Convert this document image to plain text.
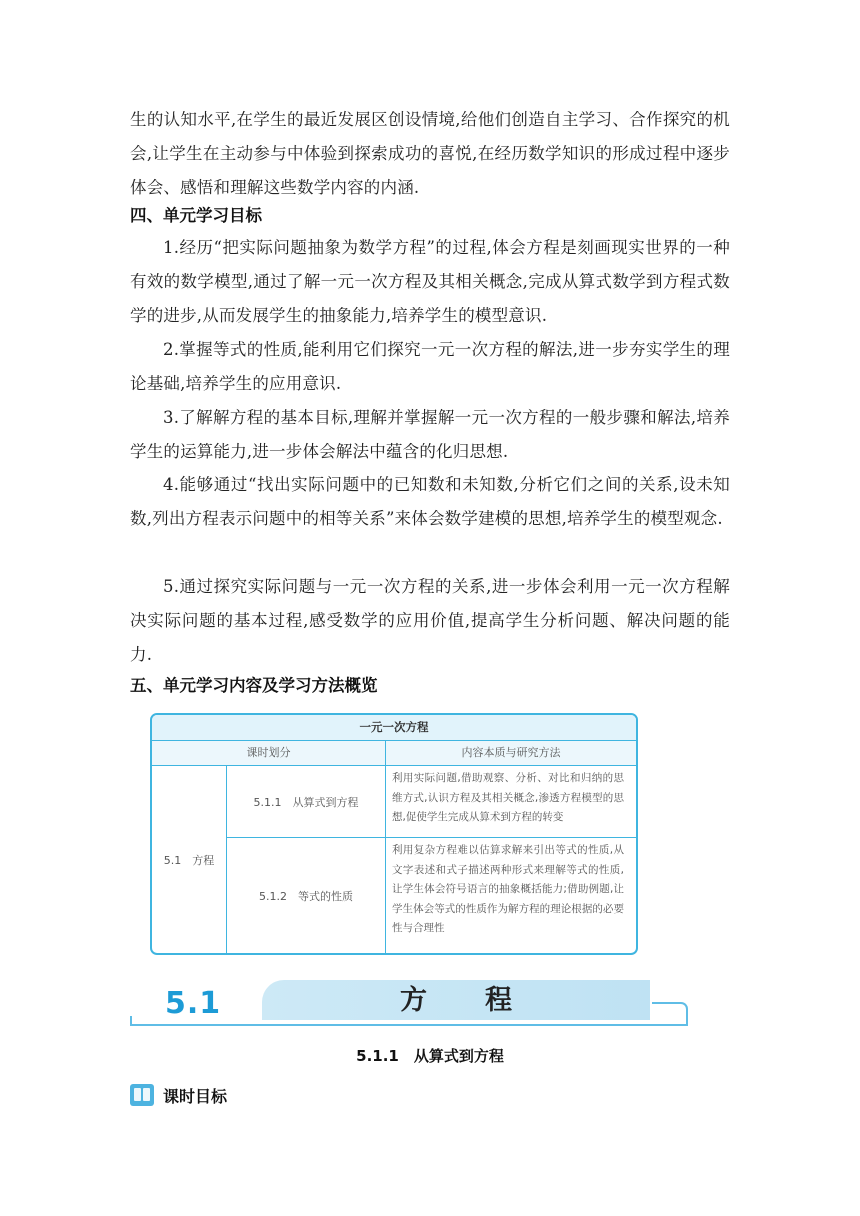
生的认知水平,在学生的最近发展区创设情境,给他们创造自主学习、合作探究的机会,让学生在主动参与中体验到探索成功的喜悦,在经历数学知识的形成过程中逐步体会、感悟和理解这些数学内容的内涵.
四、单元学习目标
1.经历“把实际问题抽象为数学方程”的过程,体会方程是刻画现实世界的一种有效的数学模型,通过了解一元一次方程及其相关概念,完成从算式数学到方程式数学的进步,从而发展学生的抽象能力,培养学生的模型意识.
2.掌握等式的性质,能利用它们探究一元一次方程的解法,进一步夯实学生的理论基础,培养学生的应用意识.
3.了解解方程的基本目标,理解并掌握解一元一次方程的一般步骤和解法,培养学生的运算能力,进一步体会解法中蕴含的化归思想.
4.能够通过“找出实际问题中的已知数和未知数,分析它们之间的关系,设未知数,列出方程表示问题中的相等关系”来体会数学建模的思想,培养学生的模型观念.
5.通过探究实际问题与一元一次方程的关系,进一步体会利用一元一次方程解决实际问题的基本过程,感受数学的应用价值,提高学生分析问题、解决问题的能力.
五、单元学习内容及学习方法概览
一元一次方程
课时划分	内容本质与研究方法
5.1　方程
5.1.1　从算式到方程
利用实际问题,借助观察、分析、对比和归纳的思维方式,认识方程及其相关概念,渗透方程模型的思想,促使学生完成从算术到方程的转变
5.1.2　等式的性质
利用复杂方程难以估算求解来引出等式的性质,从文字表述和式子描述两种形式来理解等式的性质,让学生体会符号语言的抽象概括能力;借助例题,让学生体会等式的性质作为解方程的理论根据的必要性与合理性
5.1	方程
5.1.1　从算式到方程
课时目标
